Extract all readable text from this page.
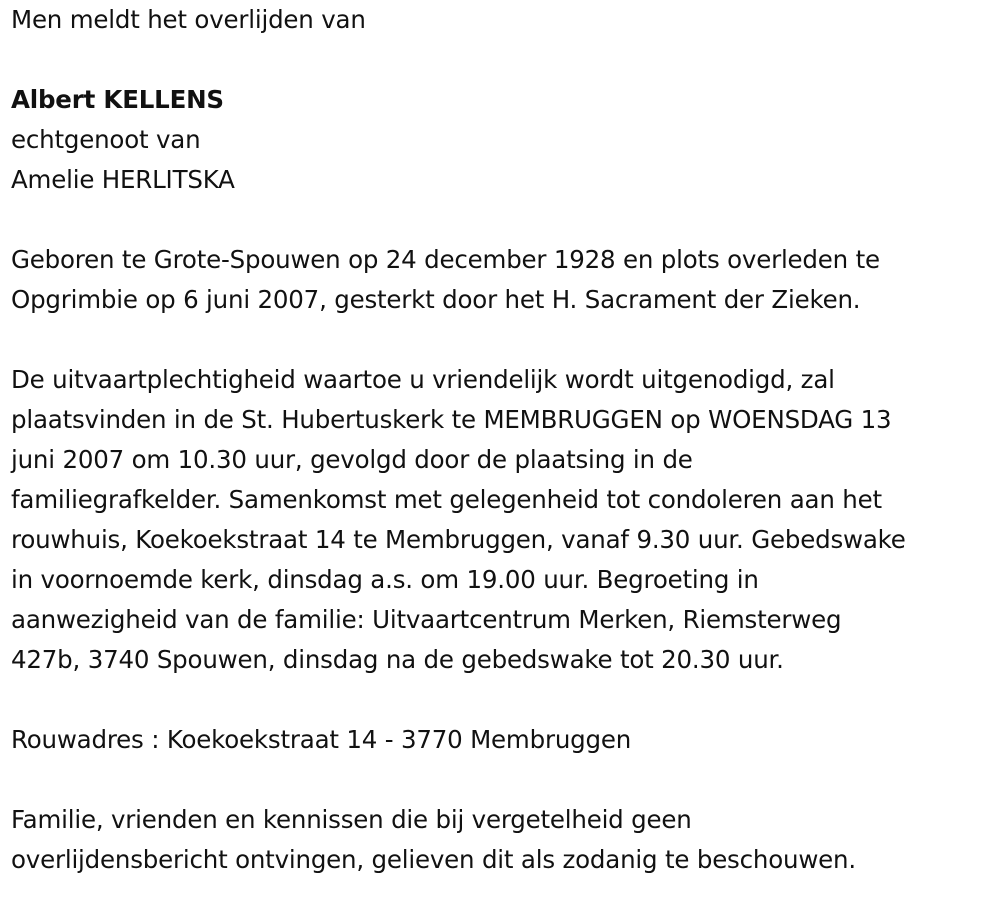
Men meldt het overlijden van

Albert KELLENS

echtgenoot van

Amelie HERLITSKA

Geboren te Grote-Spouwen op 24 december 1928 en plots overleden te

Opgrimbie op 6 juni 2007, gesterkt door het H. Sacrament der Zieken.

De uitvaartplechtigheid waartoe u vriendelijk wordt uitgenodigd, zal

plaatsvinden in de St. Hubertuskerk te MEMBRUGGEN op WOENSDAG 13

juni 2007 om 10.30 uur, gevolgd door de plaatsing in de

familiegrafkelder. Samenkomst met gelegenheid tot condoleren aan het

rouwhuis, Koekoekstraat 14 te Membruggen, vanaf 9.30 uur. Gebedswake

in voornoemde kerk, dinsdag a.s. om 19.00 uur. Begroeting in

aanwezigheid van de familie: Uitvaartcentrum Merken, Riemsterweg

427b, 3740 Spouwen, dinsdag na de gebedswake tot 20.30 uur.

Rouwadres : Koekoekstraat 14 - 3770 Membruggen

Familie, vrienden en kennissen die bij vergetelheid geen

overlijdensbericht ontvingen, gelieven dit als zodanig te beschouwen.
